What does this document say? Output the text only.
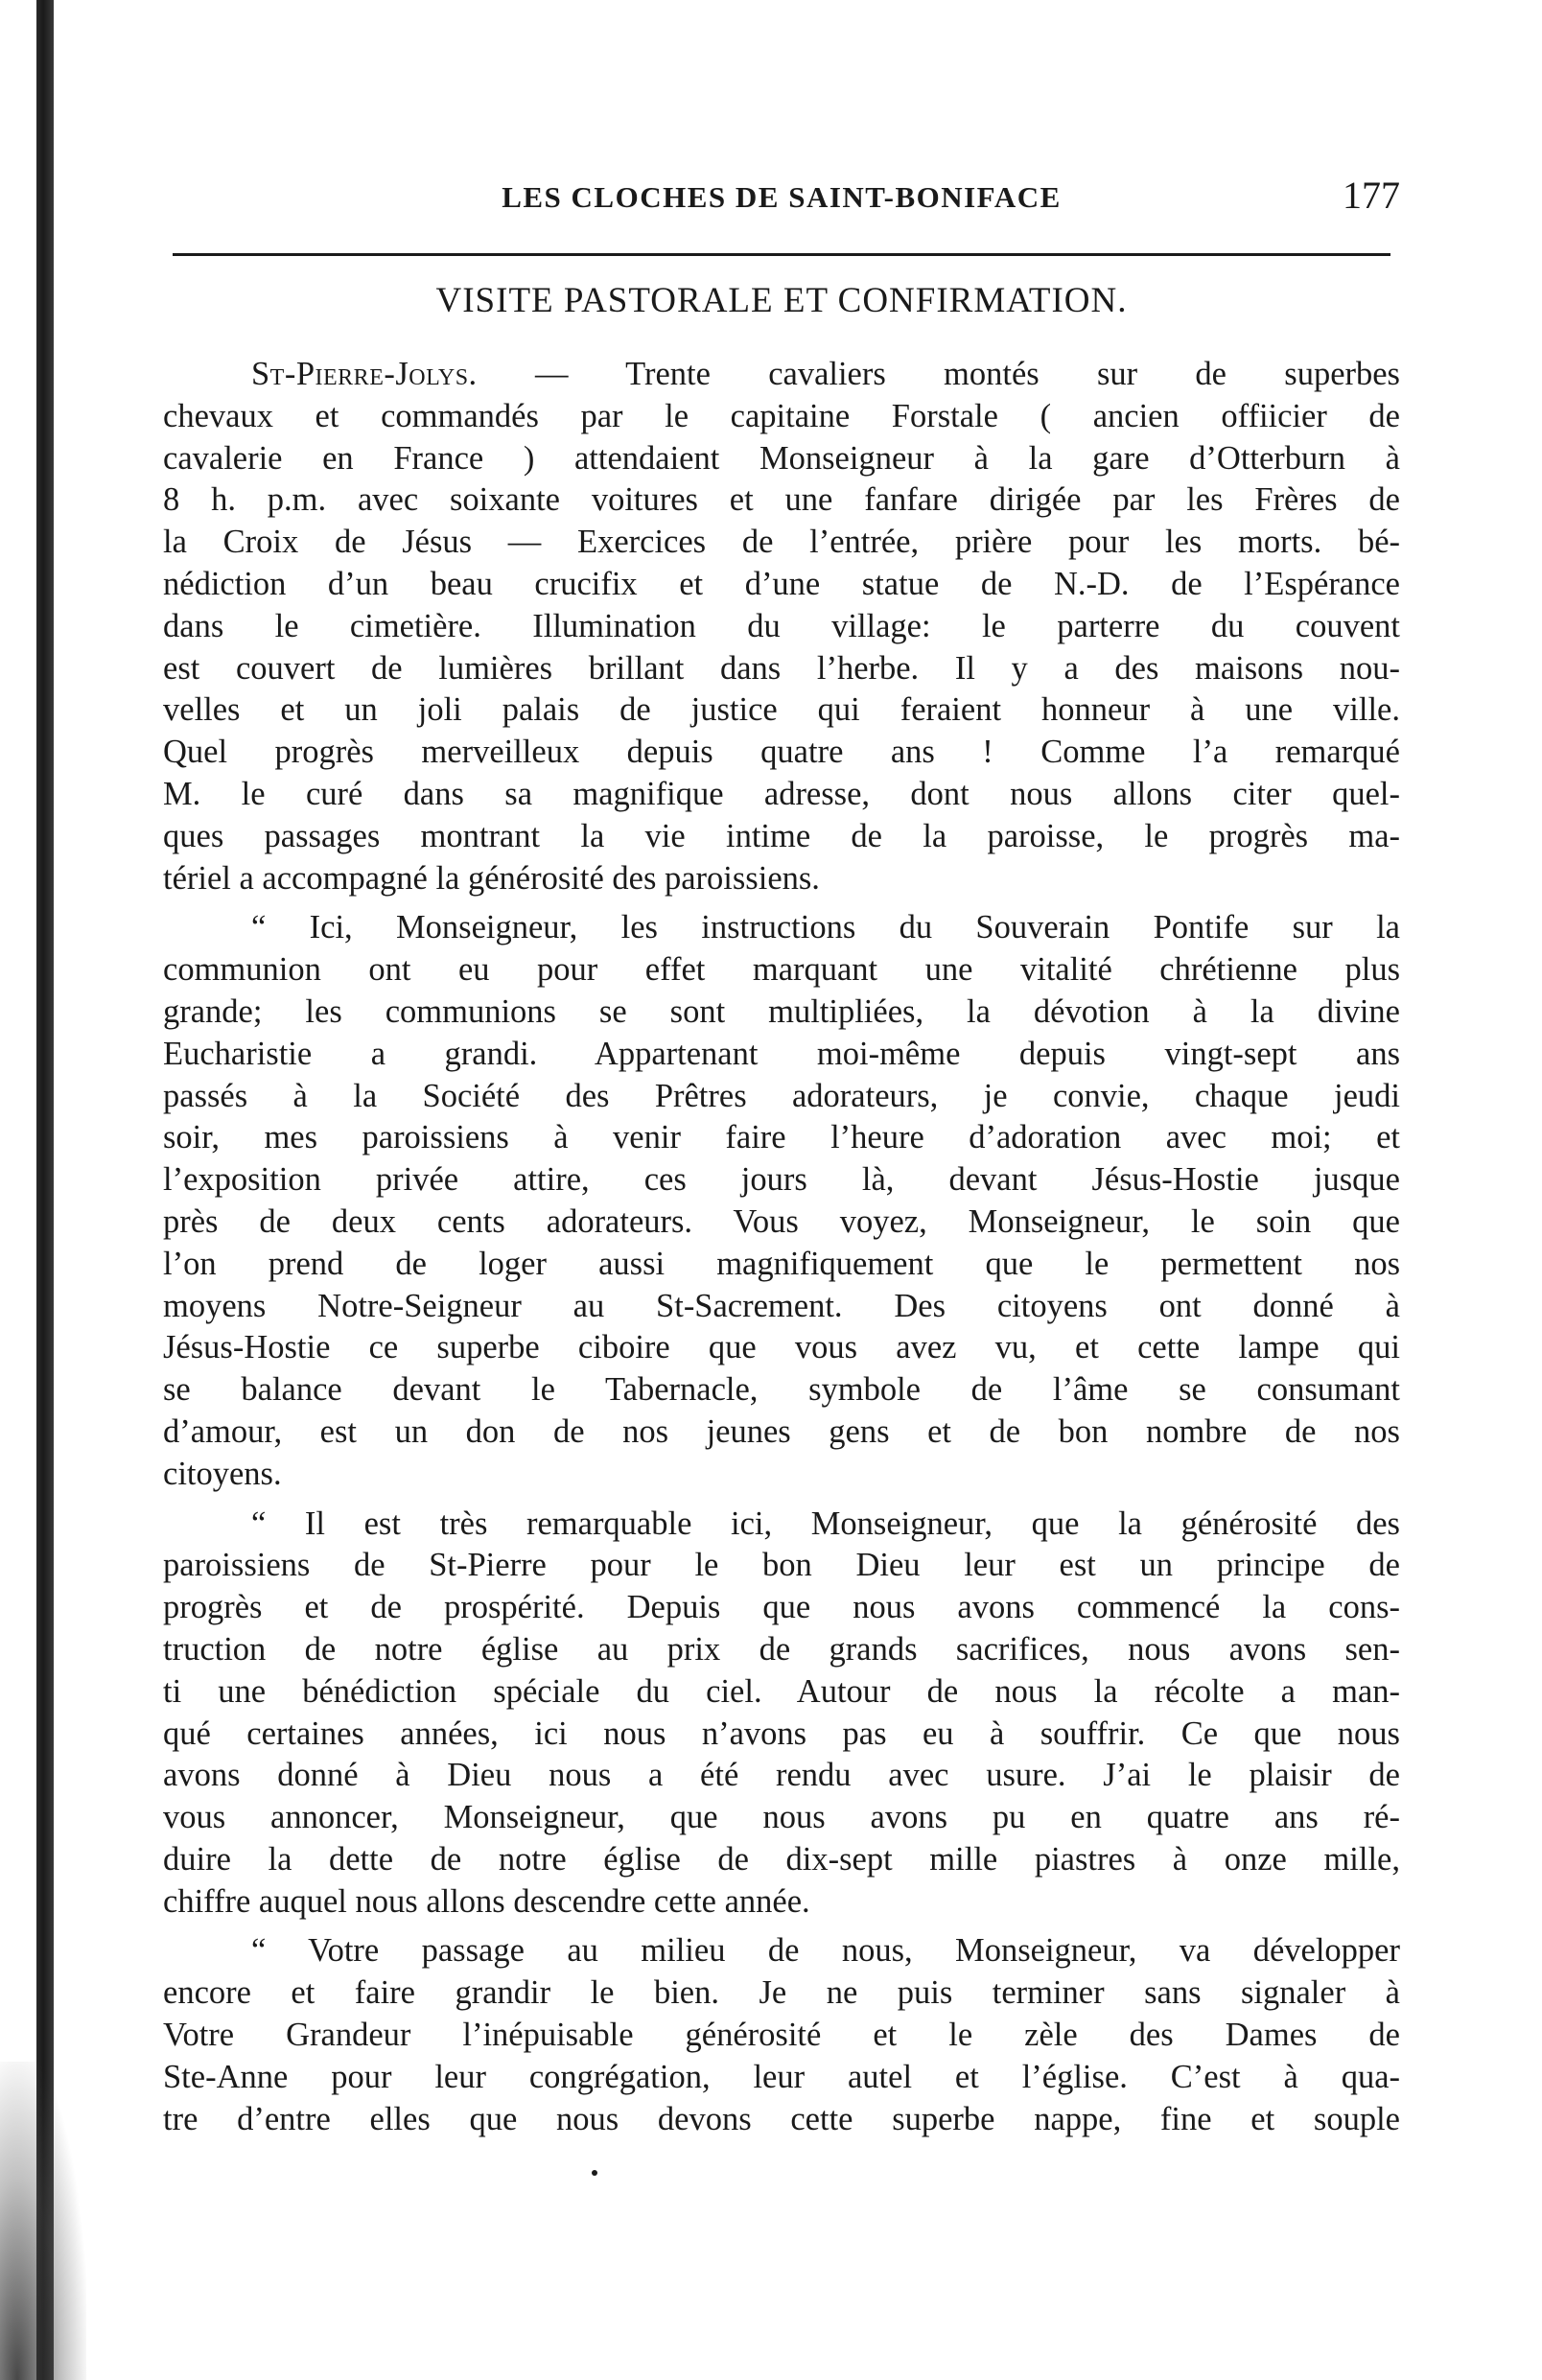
LES CLOCHES DE SAINT-BONIFACE	177
VISITE PASTORALE ET CONFIRMATION.
St-Pierre-Jolys. — Trente cavaliers montés sur de superbes
chevaux et commandés par le capitaine Forstale ( ancien offiicier de
cavalerie en France ) attendaient Monseigneur à la gare d’Otterburn à
8 h. p.m. avec soixante voitures et une fanfare dirigée par les Frères de
la Croix de Jésus — Exercices de l’entrée, prière pour les morts. bé-
nédiction d’un beau crucifix et d’une statue de N.-D. de l’Espérance
dans le cimetière. Illumination du village: le parterre du couvent
est couvert de lumières brillant dans l’herbe. Il y a des maisons nou-
velles et un joli palais de justice qui feraient honneur à une ville.
Quel progrès merveilleux depuis quatre ans ! Comme l’a remarqué
M. le curé dans sa magnifique adresse, dont nous allons citer quel-
ques passages montrant la vie intime de la paroisse, le progrès ma-
tériel a accompagné la générosité des paroissiens.
“ Ici, Monseigneur, les instructions du Souverain Pontife sur la
communion ont eu pour effet marquant une vitalité chrétienne plus
grande; les communions se sont multipliées, la dévotion à la divine
Eucharistie a grandi. Appartenant moi-même depuis vingt-sept ans
passés à la Société des Prêtres adorateurs, je convie, chaque jeudi
soir, mes paroissiens à venir faire l’heure d’adoration avec moi; et
l’exposition privée attire, ces jours là, devant Jésus-Hostie jusque
près de deux cents adorateurs. Vous voyez, Monseigneur, le soin que
l’on prend de loger aussi magnifiquement que le permettent nos
moyens Notre-Seigneur au St-Sacrement. Des citoyens ont donné à
Jésus-Hostie ce superbe ciboire que vous avez vu, et cette lampe qui
se balance devant le Tabernacle, symbole de l’âme se consumant
d’amour, est un don de nos jeunes gens et de bon nombre de nos
citoyens.
“ Il est très remarquable ici, Monseigneur, que la générosité des
paroissiens de St-Pierre pour le bon Dieu leur est un principe de
progrès et de prospérité. Depuis que nous avons commencé la cons-
truction de notre église au prix de grands sacrifices, nous avons sen-
ti une bénédiction spéciale du ciel. Autour de nous la récolte a man-
qué certaines années, ici nous n’avons pas eu à souffrir. Ce que nous
avons donné à Dieu nous a été rendu avec usure. J’ai le plaisir de
vous annoncer, Monseigneur, que nous avons pu en quatre ans ré-
duire la dette de notre église de dix-sept mille piastres à onze mille,
chiffre auquel nous allons descendre cette année.
“ Votre passage au milieu de nous, Monseigneur, va développer
encore et faire grandir le bien. Je ne puis terminer sans signaler à
Votre Grandeur l’inépuisable générosité et le zèle des Dames de
Ste-Anne pour leur congrégation, leur autel et l’église. C’est à qua-
tre d’entre elles que nous devons cette superbe nappe, fine et souple
